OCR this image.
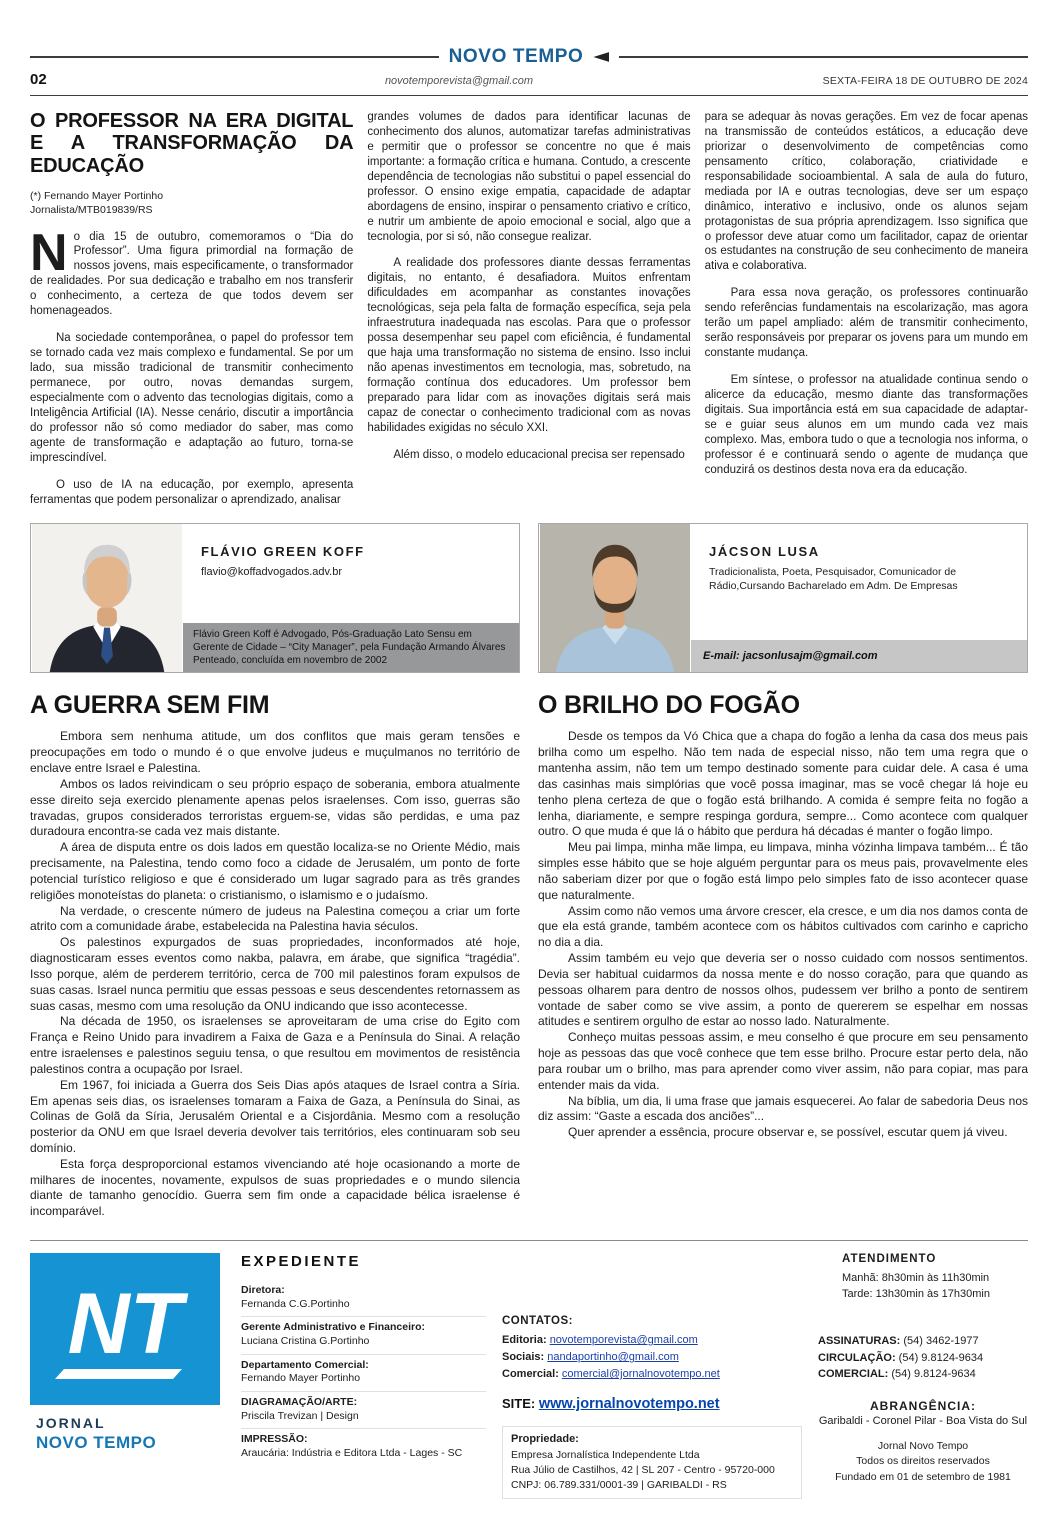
NOVO TEMPO
02	novotemporevista@gmail.com	SEXTA-FEIRA 18 DE OUTUBRO DE 2024
O PROFESSOR NA ERA DIGITAL E A TRANSFORMAÇÃO DA EDUCAÇÃO
(*) Fernando Mayer Portinho
Jornalista/MTB019839/RS
No dia 15 de outubro, comemoramos o “Dia do Professor”. Uma figura primordial na formação de nossos jovens, mais especificamente, o transformador de realidades. Por sua dedicação e trabalho em nos transferir o conhecimento, a certeza de que todos devem ser homenageados.
Na sociedade contemporânea, o papel do professor tem se tornado cada vez mais complexo e fundamental. Se por um lado, sua missão tradicional de transmitir conhecimento permanece, por outro, novas demandas surgem, especialmente com o advento das tecnologias digitais, como a Inteligência Artificial (IA). Nesse cenário, discutir a importância do professor não só como mediador do saber, mas como agente de transformação e adaptação ao futuro, torna-se imprescindível.
O uso de IA na educação, por exemplo, apresenta ferramentas que podem personalizar o aprendizado, analisar
grandes volumes de dados para identificar lacunas de conhecimento dos alunos, automatizar tarefas administrativas e permitir que o professor se concentre no que é mais importante: a formação crítica e humana. Contudo, a crescente dependência de tecnologias não substitui o papel essencial do professor. O ensino exige empatia, capacidade de adaptar abordagens de ensino, inspirar o pensamento criativo e crítico, e nutrir um ambiente de apoio emocional e social, algo que a tecnologia, por si só, não consegue realizar.
A realidade dos professores diante dessas ferramentas digitais, no entanto, é desafiadora. Muitos enfrentam dificuldades em acompanhar as constantes inovações tecnológicas, seja pela falta de formação específica, seja pela infraestrutura inadequada nas escolas. Para que o professor possa desempenhar seu papel com eficiência, é fundamental que haja uma transformação no sistema de ensino. Isso inclui não apenas investimentos em tecnologia, mas, sobretudo, na formação contínua dos educadores. Um professor bem preparado para lidar com as inovações digitais será mais capaz de conectar o conhecimento tradicional com as novas habilidades exigidas no século XXI.
Além disso, o modelo educacional precisa ser repensado
para se adequar às novas gerações. Em vez de focar apenas na transmissão de conteúdos estáticos, a educação deve priorizar o desenvolvimento de competências como pensamento crítico, colaboração, criatividade e responsabilidade socioambiental. A sala de aula do futuro, mediada por IA e outras tecnologias, deve ser um espaço dinâmico, interativo e inclusivo, onde os alunos sejam protagonistas de sua própria aprendizagem. Isso significa que o professor deve atuar como um facilitador, capaz de orientar os estudantes na construção de seu conhecimento de maneira ativa e colaborativa.
Para essa nova geração, os professores continuarão sendo referências fundamentais na escolarização, mas agora terão um papel ampliado: além de transmitir conhecimento, serão responsáveis por preparar os jovens para um mundo em constante mudança.
Em síntese, o professor na atualidade continua sendo o alicerce da educação, mesmo diante das transformações digitais. Sua importância está em sua capacidade de adaptar-se e guiar seus alunos em um mundo cada vez mais complexo. Mas, embora tudo o que a tecnologia nos informa, o professor é e continuará sendo o agente de mudança que conduzirá os destinos desta nova era da educação.
FLÁVIO GREEN KOFF
flavio@koffadvogados.adv.br
Flávio Green Koff é Advogado, Pós-Graduação Lato Sensu em Gerente de Cidade – “City Manager”, pela Fundação Armando Álvares Penteado, concluída em novembro de 2002
A GUERRA SEM FIM
Embora sem nenhuma atitude, um dos conflitos que mais geram tensões e preocupações em todo o mundo é o que envolve judeus e muçulmanos no território de enclave entre Israel e Palestina.
Ambos os lados reivindicam o seu próprio espaço de soberania, embora atualmente esse direito seja exercido plenamente apenas pelos israelenses. Com isso, guerras são travadas, grupos considerados terroristas erguem-se, vidas são perdidas, e uma paz duradoura encontra-se cada vez mais distante.
A área de disputa entre os dois lados em questão localiza-se no Oriente Médio, mais precisamente, na Palestina, tendo como foco a cidade de Jerusalém, um ponto de forte potencial turístico religioso e que é considerado um lugar sagrado para as três grandes religiões monoteístas do planeta: o cristianismo, o islamismo e o judaísmo.
Na verdade, o crescente número de judeus na Palestina começou a criar um forte atrito com a comunidade árabe, estabelecida na Palestina havia séculos.
Os palestinos expurgados de suas propriedades, inconformados até hoje, diagnosticaram esses eventos como nakba, palavra, em árabe, que significa “tragédia”. Isso porque, além de perderem território, cerca de 700 mil palestinos foram expulsos de suas casas. Israel nunca permitiu que essas pessoas e seus descendentes retornassem as suas casas, mesmo com uma resolução da ONU indicando que isso acontecesse.
Na década de 1950, os israelenses se aproveitaram de uma crise do Egito com França e Reino Unido para invadirem a Faixa de Gaza e a Península do Sinai. A relação entre israelenses e palestinos seguiu tensa, o que resultou em movimentos de resistência palestinos contra a ocupação por Israel.
Em 1967, foi iniciada a Guerra dos Seis Dias após ataques de Israel contra a Síria. Em apenas seis dias, os israelenses tomaram a Faixa de Gaza, a Península do Sinai, as Colinas de Golã da Síria, Jerusalém Oriental e a Cisjordânia. Mesmo com a resolução posterior da ONU em que Israel deveria devolver tais territórios, eles continuaram sob seu domínio.
Esta força desproporcional estamos vivenciando até hoje ocasionando a morte de milhares de inocentes, novamente, expulsos de suas propriedades e o mundo silencia diante de tamanho genocídio. Guerra sem fim onde a capacidade bélica israelense é incomparável.
JÁCSON LUSA
Tradicionalista, Poeta, Pesquisador, Comunicador de Rádio,Cursando Bacharelado em Adm. De Empresas
E-mail: jacsonlusajm@gmail.com
O BRILHO DO FOGÃO
Desde os tempos da Vó Chica que a chapa do fogão a lenha da casa dos meus pais brilha como um espelho. Não tem nada de especial nisso, não tem uma regra que o mantenha assim, não tem um tempo destinado somente para cuidar dele. A casa é uma das casinhas mais simplórias que você possa imaginar, mas se você chegar lá hoje eu tenho plena certeza de que o fogão está brilhando. A comida é sempre feita no fogão a lenha, diariamente, e sempre respinga gordura, sempre... Como acontece com qualquer outro. O que muda é que lá o hábito que perdura há décadas é manter o fogão limpo.
Meu pai limpa, minha mãe limpa, eu limpava, minha vózinha limpava também... É tão simples esse hábito que se hoje alguém perguntar para os meus pais, provavelmente eles não saberiam dizer por que o fogão está limpo pelo simples fato de isso acontecer quase que naturalmente.
Assim como não vemos uma árvore crescer, ela cresce, e um dia nos damos conta de que ela está grande, também acontece com os hábitos cultivados com carinho e capricho no dia a dia.
Assim também eu vejo que deveria ser o nosso cuidado com nossos sentimentos. Devia ser habitual cuidarmos da nossa mente e do nosso coração, para que quando as pessoas olharem para dentro de nossos olhos, pudessem ver brilho a ponto de sentirem vontade de saber como se vive assim, a ponto de quererem se espelhar em nossas atitudes e sentirem orgulho de estar ao nosso lado. Naturalmente.
Conheço muitas pessoas assim, e meu conselho é que procure em seu pensamento hoje as pessoas das que você conhece que tem esse brilho. Procure estar perto dela, não para roubar um o brilho, mas para aprender como viver assim, não para copiar, mas para entender mais da vida.
Na bíblia, um dia, li uma frase que jamais esquecerei. Ao falar de sabedoria Deus nos diz assim: “Gaste a escada dos anciões”...
Quer aprender a essência, procure observar e, se possível, escutar quem já viveu.
NT
JORNAL
NOVO TEMPO
EXPEDIENTE
Diretora:
Fernanda C.G.Portinho
Gerente Administrativo e Financeiro:
Luciana Cristina G.Portinho
Departamento Comercial:
Fernando Mayer Portinho
DIAGRAMAÇÃO/ARTE:
Priscila Trevizan | Design
IMPRESSÃO:
Araucária: Indústria e Editora Ltda - Lages - SC
CONTATOS:
Editoria: novotemporevista@gmail.com
Sociais: nandaportinho@gmail.com
Comercial: comercial@jornalnovotempo.net
SITE: www.jornalnovotempo.net
Propriedade:
Empresa Jornalística Independente Ltda
Rua Júlio de Castilhos, 42 | SL 207 - Centro - 95720-000
CNPJ: 06.789.331/0001-39 | GARIBALDI - RS
ATENDIMENTO
Manhã: 8h30min às 11h30min
Tarde: 13h30min às 17h30min
ASSINATURAS: (54) 3462-1977
CIRCULAÇÃO: (54) 9.8124-9634
COMERCIAL: (54) 9.8124-9634
ABRANGÊNCIA:
Garibaldi - Coronel Pilar - Boa Vista do Sul
Jornal Novo Tempo
Todos os direitos reservados
Fundado em 01 de setembro de 1981
